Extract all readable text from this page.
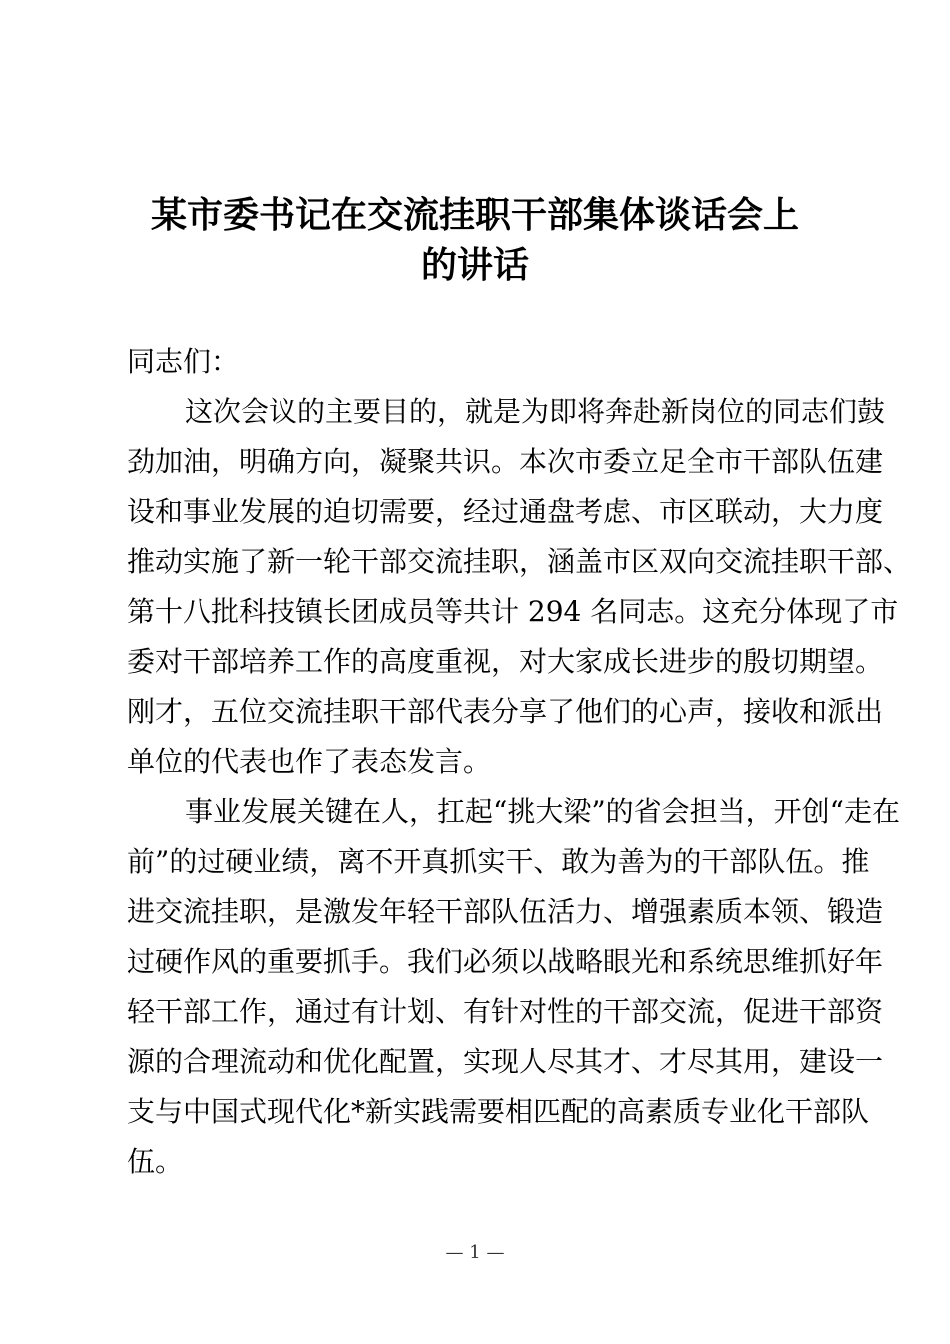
某市委书记在交流挂职干部集体谈话会上
的讲话
同志们：
这次会议的主要目的，就是为即将奔赴新岗位的同志们鼓
劲加油，明确方向，凝聚共识。本次市委立足全市干部队伍建
设和事业发展的迫切需要，经过通盘考虑、市区联动，大力度
推动实施了新一轮干部交流挂职，涵盖市区双向交流挂职干部、
第十八批科技镇长团成员等共计 294 名同志。这充分体现了市
委对干部培养工作的高度重视，对大家成长进步的殷切期望。
刚才，五位交流挂职干部代表分享了他们的心声，接收和派出
单位的代表也作了表态发言。
事业发展关键在人，扛起“挑大梁”的省会担当，开创“走在
前”的过硬业绩，离不开真抓实干、敢为善为的干部队伍。推
进交流挂职，是激发年轻干部队伍活力、增强素质本领、锻造
过硬作风的重要抓手。我们必须以战略眼光和系统思维抓好年
轻干部工作，通过有计划、有针对性的干部交流，促进干部资
源的合理流动和优化配置，实现人尽其才、才尽其用，建设一
支与中国式现代化*新实践需要相匹配的高素质专业化干部队
伍。
— 1 —
